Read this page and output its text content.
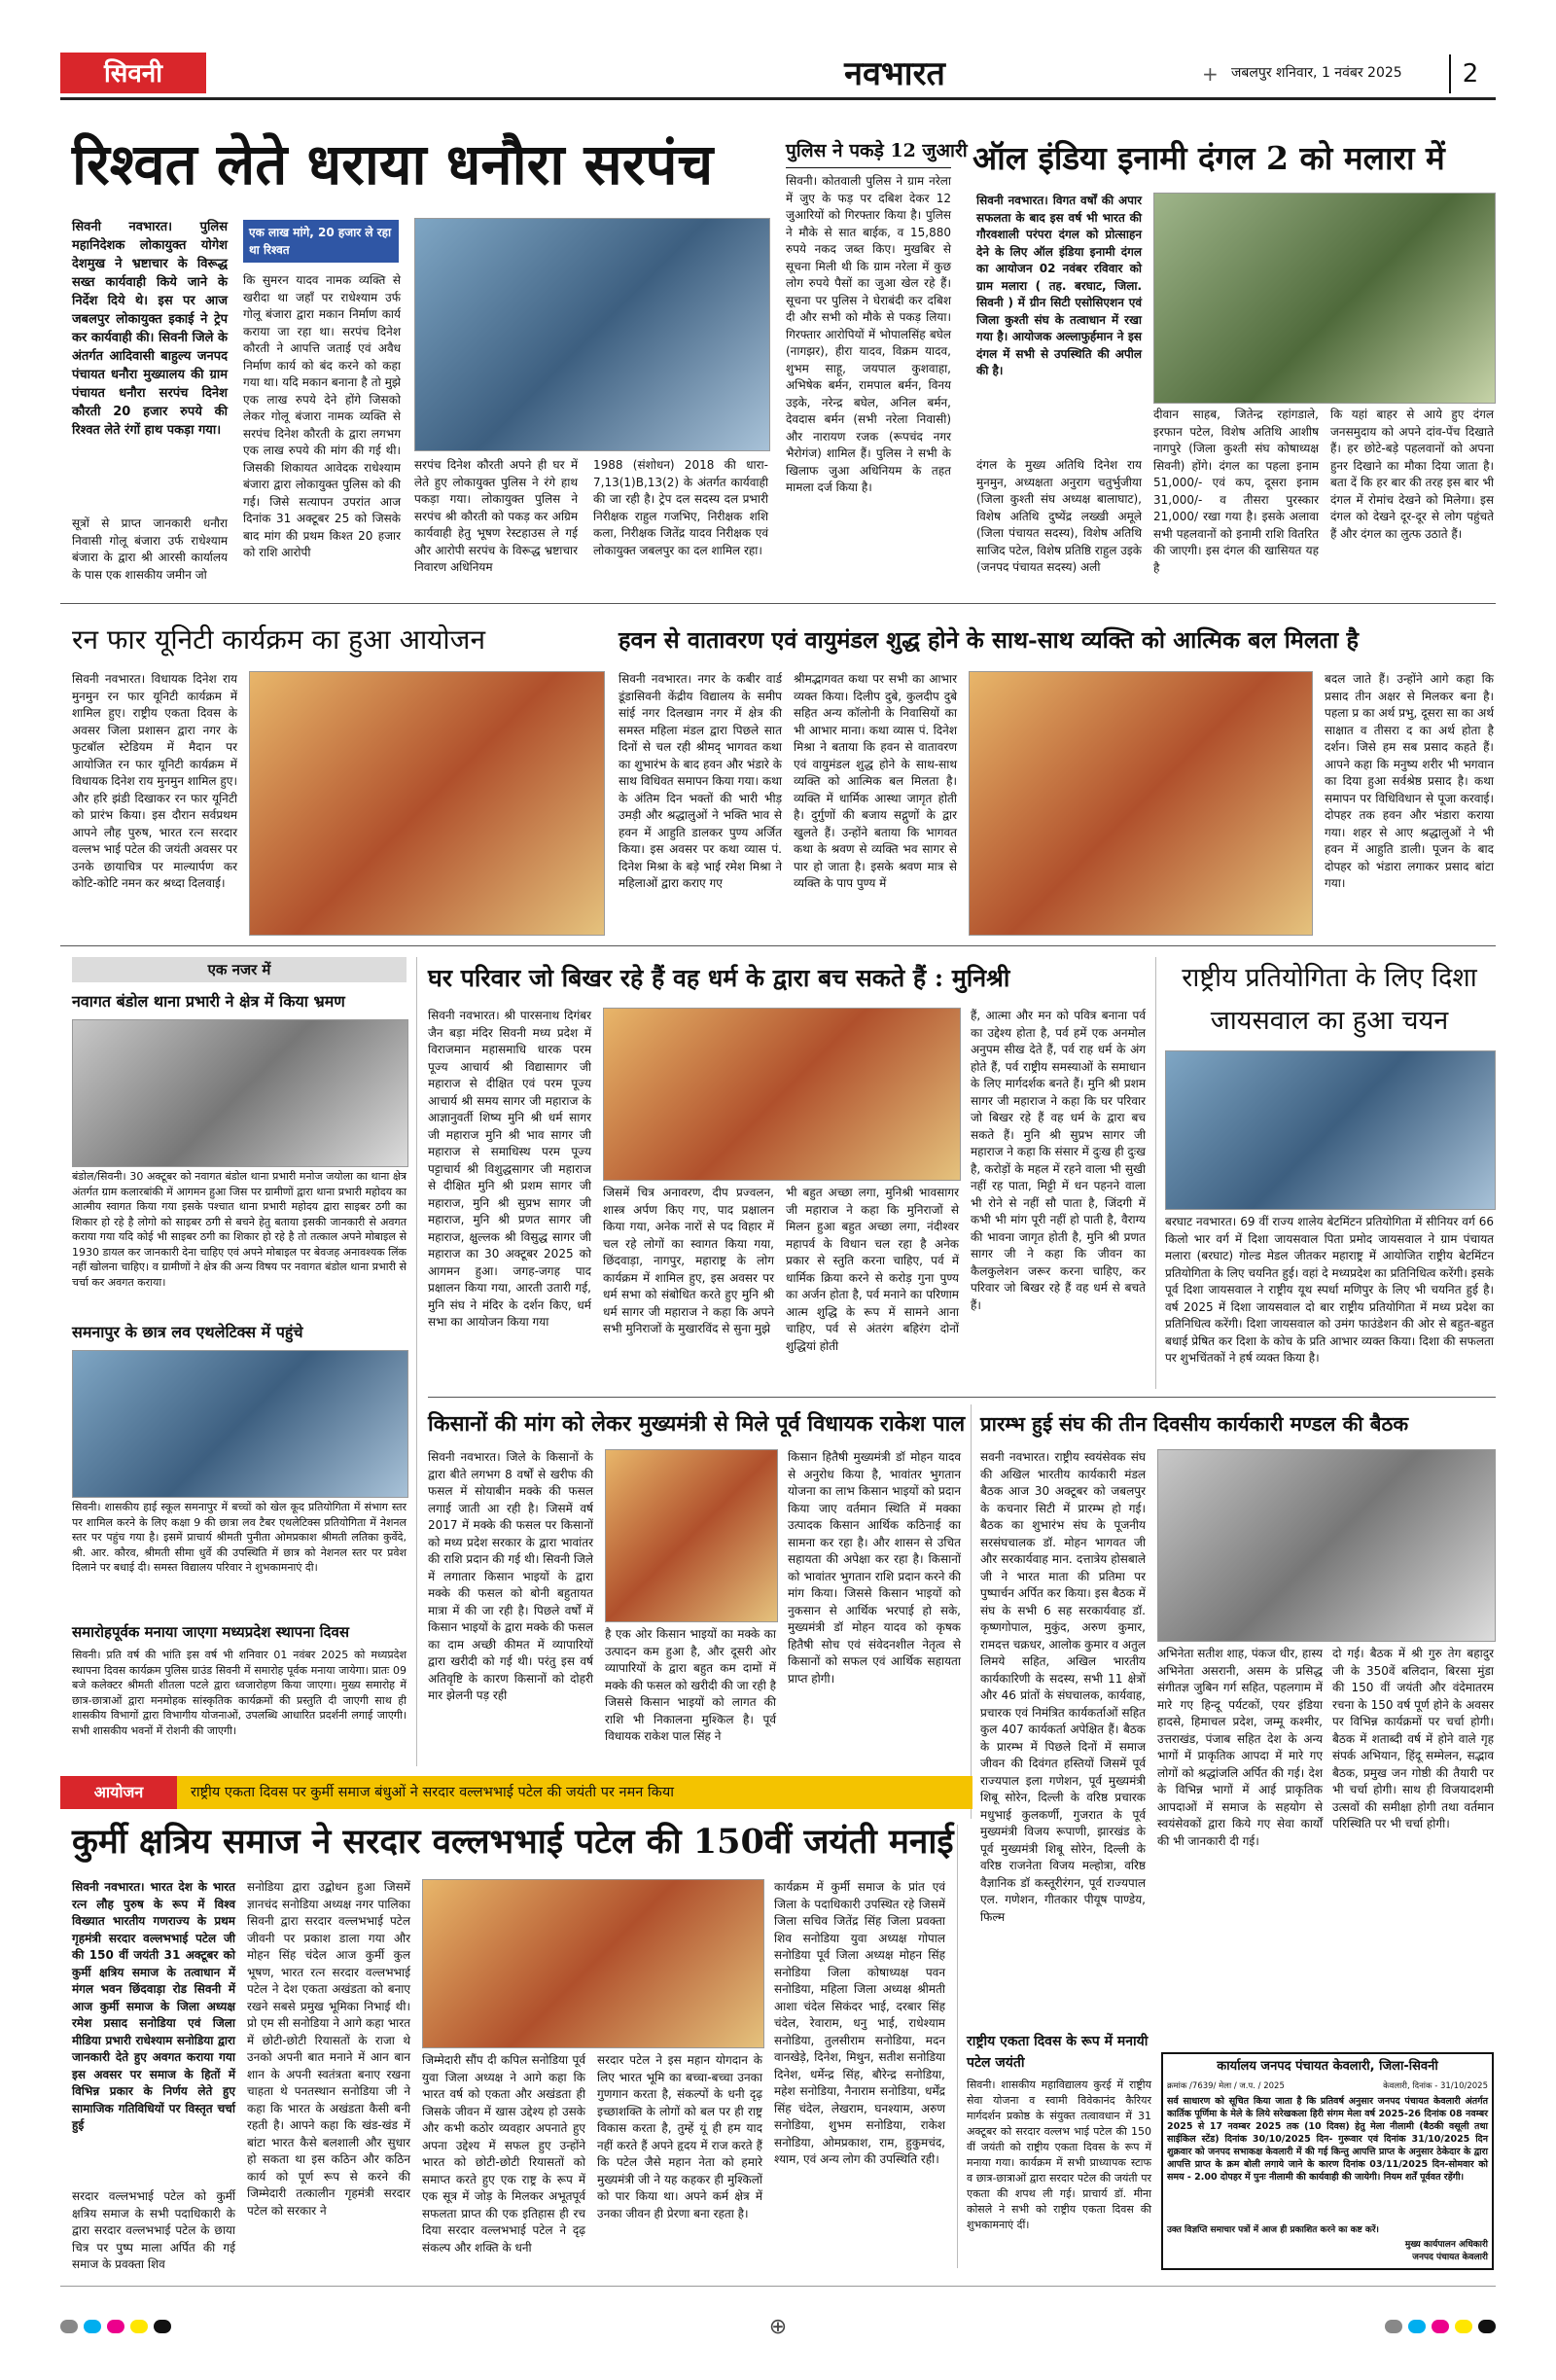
सिवनी	नवभारत	+ जबलपुर शनिवार, 1 नवंबर 2025	2
रिश्वत लेते धराया धनौरा सरपंच
सिवनी नवभारत। पुलिस महानिदेशक लोकायुक्त योगेश देशमुख ने भ्रष्टाचार के विरूद्ध सख्त कार्यवाही किये जाने के निर्देश दिये थे। इस पर आज जबलपुर लोकायुक्त इकाई ने ट्रेप कर कार्यवाही की। सिवनी जिले के अंतर्गत आदिवासी बाहुल्य जनपद पंचायत धनौरा मुख्यालय की ग्राम पंचायत धनौरा सरपंच दिनेश कौरती 20 हजार रुपये की रिश्वत लेते रंगों हाथ पकड़ा गया।
एक लाख मांगे, 20 हजार ले रहा था रिश्वत
सूत्रों से प्राप्त जानकारी धनौरा निवासी गोलू बंजारा उर्फ राधेश्याम बंजारा के द्वारा श्री आरसी कार्यालय के पास एक शासकीय जमीन जो
कि सुमरन यादव नामक व्यक्ति से खरीदा था जहाँ पर राधेश्याम उर्फ गोलू बंजारा द्वारा मकान निर्माण कार्य कराया जा रहा था। सरपंच दिनेश कौरती ने आपत्ति जताई एवं अवैध निर्माण कार्य को बंद करने को कहा गया था। यदि मकान बनाना है तो मुझे एक लाख रुपये देने होंगे जिसको लेकर गोलू बंजारा नामक व्यक्ति से सरपंच दिनेश कौरती के द्वारा लगभग एक लाख रुपये की मांग की गई थी। जिसकी शिकायत आवेदक राधेश्याम बंजारा द्वारा लोकायुक्त पुलिस को की गई। जिसे सत्यापन उपरांत आज दिनांक 31 अक्टूबर 25 को जिसके बाद मांग की प्रथम किश्त 20 हजार को राशि आरोपी
सरपंच दिनेश कौरती अपने ही घर में लेते हुए लोकायुक्त पुलिस ने रंगे हाथ पकड़ा गया। लोकायुक्त पुलिस ने सरपंच श्री कौरती को पकड़ कर अग्रिम कार्यवाही हेतु भूषण रेस्टहाउस ले गई और आरोपी सरपंच के विरूद्ध भ्रष्टाचार निवारण अधिनियम
1988 (संशोधन) 2018 की धारा- 7,13(1)B,13(2) के अंतर्गत कार्यवाही की जा रही है। ट्रेप दल सदस्य दल प्रभारी निरीक्षक राहुल गजभिए, निरीक्षक शशि कला, निरीक्षक जितेंद्र यादव निरीक्षक एवं लोकायुक्त जबलपुर का दल शामिल रहा।
पुलिस ने पकड़े 12 जुआरी
सिवनी। कोतवाली पुलिस ने ग्राम नरेला में जुए के फड़ पर दबिश देकर 12 जुआरियों को गिरफ्तार किया है। पुलिस ने मौके से सात बाईक, व 15,880 रुपये नकद जब्त किए। मुखबिर से सूचना मिली थी कि ग्राम नरेला में कुछ लोग रुपये पैसों का जुआ खेल रहे हैं। सूचना पर पुलिस ने घेराबंदी कर दबिश दी और सभी को मौके से पकड़ लिया। गिरफ्तार आरोपियों में भोपालसिंह बघेल (नागझर), हीरा यादव, विक्रम यादव, शुभम साहू, जयपाल कुशवाहा, अभिषेक बर्मन, रामपाल बर्मन, विनय उइके, नरेन्द्र बघेल, अनिल बर्मन, देवदास बर्मन (सभी नरेला निवासी) और नारायण रजक (रूपचंद नगर भैरोगंज) शामिल हैं। पुलिस ने सभी के खिलाफ जुआ अधिनियम के तहत मामला दर्ज किया है।
ऑल इंडिया इनामी दंगल 2 को मलारा में
सिवनी नवभारत। विगत वर्षों की अपार सफलता के बाद इस वर्ष भी भारत की गौरवशाली परंपरा दंगल को प्रोत्साहन देने के लिए ऑल इंडिया इनामी दंगल का आयोजन 02 नवंबर रविवार को ग्राम मलारा ( तह. बरघाट, जिला. सिवनी ) में ग्रीन सिटी एसोसिएशन एवं जिला कुश्ती संघ के तत्वाधान में रखा गया है। आयोजक अल्लाफुर्हमान ने इस दंगल में सभी से उपस्थिति की अपील की है।
दंगल के मुख्य अतिथि दिनेश राय मुनमुन, अध्यक्षता अनुराग चतुर्भुजीया (जिला कुश्ती संघ अध्यक्ष बालाघाट), विशेष अतिथि दुष्येंद्र लख्खी अमूले (जिला पंचायत सदस्य), विशेष अतिथि साजिद पटेल, विशेष प्रतिष्ठि राहुल उइके (जनपद पंचायत सदस्य) अली
दीवान साहब, जितेन्द्र रहांगडाले, इरफान पटेल, विशेष अतिथि आशीष नागपुरे (जिला कुश्ती संघ कोषाध्यक्ष सिवनी) होंगे। दंगल का पहला इनाम 51,000/- एवं कप, दूसरा इनाम 31,000/- व तीसरा पुरस्कार 21,000/ रखा गया है। इसके अलावा सभी पहलवानों को इनामी राशि वितरित की जाएगी। इस दंगल की खासियत यह है
कि यहां बाहर से आये हुए दंगल जनसमुदाय को अपने दांव-पेंच दिखाते हैं। हर छोटे-बड़े पहलवानों को अपना हुनर दिखाने का मौका दिया जाता है। बता दें कि हर बार की तरह इस बार भी दंगल में रोमांच देखने को मिलेगा। इस दंगल को देखने दूर-दूर से लोग पहुंचते हैं और दंगल का लुत्फ उठाते हैं।
रन फार यूनिटी कार्यक्रम का हुआ आयोजन
सिवनी नवभारत। विधायक दिनेश राय मुनमुन रन फार यूनिटी कार्यक्रम में शामिल हुए। राष्ट्रीय एकता दिवस के अवसर जिला प्रशासन द्वारा नगर के फुटबॉल स्टेडियम में मैदान पर आयोजित रन फार यूनिटी कार्यक्रम में विधायक दिनेश राय मुनमुन शामिल हुए। और हरि झंडी दिखाकर रन फार यूनिटी को प्रारंभ किया। इस दौरान सर्वप्रथम आपने लौह पुरुष, भारत रत्न सरदार वल्लभ भाई पटेल की जयंती अवसर पर उनके छायाचित्र पर माल्यार्पण कर कोटि-कोटि नमन कर श्रध्दा दिलवाई।
हवन से वातावरण एवं वायुमंडल शुद्ध होने के साथ-साथ व्यक्ति को आत्मिक बल मिलता है
सिवनी नवभारत। नगर के कबीर वार्ड डूंडासिवनी केंद्रीय विद्यालय के समीप सांई नगर दिलखाम नगर में क्षेत्र की समस्त महिला मंडल द्वारा पिछले सात दिनों से चल रही श्रीमद् भागवत कथा का शुभारंभ के बाद हवन और भंडारे के साथ विधिवत समापन किया गया। कथा के अंतिम दिन भक्तों की भारी भीड़ उमड़ी और श्रद्धालुओं ने भक्ति भाव से हवन में आहुति डालकर पुण्य अर्जित किया। इस अवसर पर कथा व्यास पं. दिनेश मिश्रा के बड़े भाई रमेश मिश्रा ने महिलाओं द्वारा कराए गए
श्रीमद्भागवत कथा पर सभी का आभार व्यक्त किया। दिलीप दुबे, कुलदीप दुबे सहित अन्य कॉलोनी के निवासियों का भी आभार माना। कथा व्यास पं. दिनेश मिश्रा ने बताया कि हवन से वातावरण एवं वायुमंडल शुद्ध होने के साथ-साथ व्यक्ति को आत्मिक बल मिलता है। व्यक्ति में धार्मिक आस्था जागृत होती है। दुर्गुणों की बजाय सद्गुणों के द्वार खुलते हैं। उन्होंने बताया कि भागवत कथा के श्रवण से व्यक्ति भव सागर से पार हो जाता है। इसके श्रवण मात्र से व्यक्ति के पाप पुण्य में
बदल जाते हैं। उन्होंने आगे कहा कि प्रसाद तीन अक्षर से मिलकर बना है। पहला प्र का अर्थ प्रभु, दूसरा सा का अर्थ साक्षात व तीसरा द का अर्थ होता है दर्शन। जिसे हम सब प्रसाद कहते हैं। आपने कहा कि मनुष्य शरीर भी भगवान का दिया हुआ सर्वश्रेष्ठ प्रसाद है। कथा समापन पर विधिविधान से पूजा करवाई। दोपहर तक हवन और भंडारा कराया गया। शहर से आए श्रद्धालुओं ने भी हवन में आहुति डाली। पूजन के बाद दोपहर को भंडारा लगाकर प्रसाद बांटा गया।
एक नजर में
नवागत बंडोल थाना प्रभारी ने क्षेत्र में किया भ्रमण
बंडोल/सिवनी। 30 अक्टूबर को नवागत बंडोल थाना प्रभारी मनोज जयोला का थाना क्षेत्र अंतर्गत ग्राम कलारबांकी में आगमन हुआ जिस पर ग्रामीणों द्वारा थाना प्रभारी महोदय का आत्मीय स्वागत किया गया इसके पश्चात थाना प्रभारी महोदय द्वारा साइबर ठगी का शिकार हो रहे है लोगो को साइबर ठगी से बचने हेतु बताया इसकी जानकारी से अवगत कराया गया यदि कोई भी साइबर ठगी का शिकार हो रहे है तो तत्काल अपने मोबाइल से 1930 डायल कर जानकारी देना चाहिए एवं अपने मोबाइल पर बेवजह अनावश्यक लिंक नहीं खोलना चाहिए। व ग्रामीणों ने क्षेत्र की अन्य विषय पर नवागत बंडोल थाना प्रभारी से चर्चा कर अवगत कराया।
समनापुर के छात्र लव एथलेटिक्स में पहुंचे
सिवनी। शासकीय हाई स्कूल समनापुर में बच्चों को खेल कूद प्रतियोगिता में संभाग स्तर पर शामिल करने के लिए कक्षा 9 की छात्रा लव टैबर एथलेटिक्स प्रतियोगिता में नेशनल स्तर पर पहुंच गया है। इसमें प्राचार्य श्रीमती पुनीता ओमप्रकाश श्रीमती लतिका कुर्वेदे, श्री. आर. कौरव, श्रीमती सीमा धुर्वे की उपस्थिति में छात्र को नेशनल स्तर पर प्रवेश दिलाने पर बधाई दी। समस्त विद्यालय परिवार ने शुभकामनाएं दी।
समारोहपूर्वक मनाया जाएगा मध्यप्रदेश स्थापना दिवस
सिवनी। प्रति वर्ष की भांति इस वर्ष भी शनिवार 01 नवंबर 2025 को मध्यप्रदेश स्थापना दिवस कार्यक्रम पुलिस ग्राउंड सिवनी में समारोह पूर्वक मनाया जायेगा। प्रातः 09 बजे कलेक्टर श्रीमती शीतला पटले द्वारा ध्वजारोहण किया जाएगा। मुख्य समारोह में छात्र-छात्राओं द्वारा मनमोहक सांस्कृतिक कार्यक्रमों की प्रस्तुति दी जाएगी साथ ही शासकीय विभागों द्वारा विभागीय योजनाओं, उपलब्धि आधारित प्रदर्शनी लगाई जाएगी। सभी शासकीय भवनों में रोशनी की जाएगी।
घर परिवार जो बिखर रहे हैं वह धर्म के द्वारा बच सकते हैं : मुनिश्री
सिवनी नवभारत। श्री पारसनाथ दिगंबर जैन बड़ा मंदिर सिवनी मध्य प्रदेश में विराजमान महासमाधि धारक परम पूज्य आचार्य श्री विद्यासागर जी महाराज से दीक्षित एवं परम पूज्य आचार्य श्री समय सागर जी महाराज के आज्ञानुवर्ती शिष्य मुनि श्री धर्म सागर जी महाराज मुनि श्री भाव सागर जी महाराज से समाधिस्थ परम पूज्य पट्टाचार्य श्री विशुद्धसागर जी महाराज से दीक्षित मुनि श्री प्रशम सागर जी महाराज, मुनि श्री सुप्रभ सागर जी महाराज, मुनि श्री प्रणत सागर जी महाराज, क्षुल्लक श्री विसुद्ध सागर जी महाराज का 30 अक्टूबर 2025 को आगमन हुआ। जगह-जगह पाद प्रक्षालन किया गया, आरती उतारी गई, मुनि संघ ने मंदिर के दर्शन किए, धर्म सभा का आयोजन किया गया
जिसमें चित्र अनावरण, दीप प्रज्वलन, शास्त्र अर्पण किए गए, पाद प्रक्षालन किया गया, अनेक नारों से पद विहार में चल रहे लोगों का स्वागत किया गया, छिंदवाड़ा, नागपुर, महाराष्ट्र के लोग कार्यक्रम में शामिल हुए, इस अवसर पर धर्म सभा को संबोधित करते हुए मुनि श्री धर्म सागर जी महाराज ने कहा कि अपने सभी मुनिराजों के मुखारविंद से सुना मुझे
भी बहुत अच्छा लगा, मुनिश्री भावसागर जी महाराज ने कहा कि मुनिराजों से मिलन हुआ बहुत अच्छा लगा, नंदीश्वर महापर्व के विधान चल रहा है अनेक प्रकार से स्तुति करना चाहिए, पर्व में धार्मिक क्रिया करने से करोड़ गुना पुण्य का अर्जन होता है, पर्व मनाने का परिणाम आत्म शुद्धि के रूप में सामने आना चाहिए, पर्व से अंतरंग बहिरंग दोनों शुद्धियां होती
हैं, आत्मा और मन को पवित्र बनाना पर्व का उद्देश्य होता है, पर्व हमें एक अनमोल अनुपम सीख देते हैं, पर्व राह धर्म के अंग होते हैं, पर्व राष्ट्रीय समस्याओं के समाधान के लिए मार्गदर्शक बनते हैं। मुनि श्री प्रशम सागर जी महाराज ने कहा कि घर परिवार जो बिखर रहे हैं वह धर्म के द्वारा बच सकते हैं। मुनि श्री सुप्रभ सागर जी महाराज ने कहा कि संसार में दुःख ही दुःख है, करोड़ों के महल में रहने वाला भी सुखी नहीं रह पाता, मिट्टी में धन पहनने वाला भी रोने से नहीं सौ पाता है, जिंदगी में कभी भी मांग पूरी नहीं हो पाती है, वैराग्य की भावना जागृत होती है, मुनि श्री प्रणत सागर जी ने कहा कि जीवन का कैलकुलेशन जरूर करना चाहिए, कर परिवार जो बिखर रहे हैं वह धर्म से बचते हैं।
राष्ट्रीय प्रतियोगिता के लिए दिशा जायसवाल का हुआ चयन
बरघाट नवभारत। 69 वीं राज्य शालेय बेटमिंटन प्रतियोगिता में सीनियर वर्ग 66 किलो भार वर्ग में दिशा जायसवाल पिता प्रमोद जायसवाल ने ग्राम पंचायत मलारा (बरघाट) गोल्ड मेडल जीतकर महाराष्ट्र में आयोजित राष्ट्रीय बेटमिंटन प्रतियोगिता के लिए चयनित हुई। वहां दे मध्यप्रदेश का प्रतिनिधित्व करेंगी। इसके पूर्व दिशा जायसवाल ने राष्ट्रीय यूथ स्पर्धा मणिपुर के लिए भी चयनित हुई है। वर्ष 2025 में दिशा जायसवाल दो बार राष्ट्रीय प्रतियोगिता में मध्य प्रदेश का प्रतिनिधित्व करेंगी। दिशा जायसवाल को उमंग फाउंडेशन की ओर से बहुत-बहुत बधाई प्रेषित कर दिशा के कोच के प्रति आभार व्यक्त किया। दिशा की सफलता पर शुभचिंतकों ने हर्ष व्यक्त किया है।
किसानों की मांग को लेकर मुख्यमंत्री से मिले पूर्व विधायक राकेश पाल
सिवनी नवभारत। जिले के किसानों के द्वारा बीते लगभग 8 वर्षों से खरीफ की फसल में सोयाबीन मक्के की फसल लगाई जाती आ रही है। जिसमें वर्ष 2017 में मक्के की फसल पर किसानों को मध्य प्रदेश सरकार के द्वारा भावांतर की राशि प्रदान की गई थी। सिवनी जिले में लगातार किसान भाइयों के द्वारा मक्के की फसल को बोनी बहुतायत मात्रा में की जा रही है। पिछले वर्षों में किसान भाइयों के द्वारा मक्के की फसल का दाम अच्छी कीमत में व्यापारियों द्वारा खरीदी को गई थी। परंतु इस वर्ष अतिवृष्टि के कारण किसानों को दोहरी मार झेलनी पड़ रही
है एक ओर किसान भाइयों का मक्के का उत्पादन कम हुआ है, और दूसरी ओर व्यापारियों के द्वारा बहुत कम दामों में मक्के की फसल को खरीदी की जा रही है जिससे किसान भाइयों को लागत की राशि भी निकालना मुश्किल है। पूर्व विधायक राकेश पाल सिंह ने
किसान हितैषी मुख्यमंत्री डॉ मोहन यादव से अनुरोध किया है, भावांतर भुगतान योजना का लाभ किसान भाइयों को प्रदान किया जाए वर्तमान स्थिति में मक्का उत्पादक किसान आर्थिक कठिनाई का सामना कर रहा है। और शासन से उचित सहायता की अपेक्षा कर रहा है। किसानों को भावांतर भुगतान राशि प्रदान करने की मांग किया। जिससे किसान भाइयों को नुकसान से आर्थिक भरपाई हो सके, मुख्यमंत्री डॉ मोहन यादव को कृषक हितैषी सोच एवं संवेदनशील नेतृत्व से किसानों को सफल एवं आर्थिक सहायता प्राप्त होगी।
प्रारम्भ हुई संघ की तीन दिवसीय कार्यकारी मण्डल की बैठक
सवनी नवभारत। राष्ट्रीय स्वयंसेवक संघ की अखिल भारतीय कार्यकारी मंडल बैठक आज 30 अक्टूबर को जबलपुर के कचनार सिटी में प्रारम्भ हो गई। बैठक का शुभारंभ संघ के पूजनीय सरसंघचालक डॉ. मोहन भागवत जी और सरकार्यवाह मान. दत्तात्रेय होसबाले जी ने भारत माता की प्रतिमा पर पुष्पार्चन अर्पित कर किया। इस बैठक में संघ के सभी 6 सह सरकार्यवाह डॉ. कृष्णगोपाल, मुकुंद, अरुण कुमार, रामदत्त चक्रधर, आलोक कुमार व अतुल लिमये सहित, अखिल भारतीय कार्यकारिणी के सदस्य, सभी 11 क्षेत्रों और 46 प्रांतों के संघचालक, कार्यवाह, प्रचारक एवं निमंत्रित कार्यकर्ताओं सहित कुल 407 कार्यकर्ता अपेक्षित हैं। बैठक के प्रारम्भ में पिछले दिनों में समाज जीवन की दिवंगत हस्तियों जिसमें पूर्व राज्यपाल इला गणेशन, पूर्व मुख्यमंत्री शिबू सोरेन, दिल्ली के वरिष्ठ प्रचारक मधुभाई कुलकर्णी, गुजरात के पूर्व मुख्यमंत्री विजय रूपाणी, झारखंड के पूर्व मुख्यमंत्री शिबू सोरेन, दिल्ली के वरिष्ठ राजनेता विजय मल्होत्रा, वरिष्ठ वैज्ञानिक डॉ कस्तूरीरंगन, पूर्व राज्यपाल एल. गणेशन, गीतकार पीयूष पाण्डेय, फिल्म
अभिनेता सतीश शाह, पंकज धीर, हास्य अभिनेता असरानी, असम के प्रसिद्ध संगीतज्ञ जुबिन गर्ग सहित, पहलगाम में मारे गए हिन्दू पर्यटकों, एयर इंडिया हादसे, हिमाचल प्रदेश, जम्मू कश्मीर, उत्तराखंड, पंजाब सहित देश के अन्य भागों में प्राकृतिक आपदा में मारे गए लोगों को श्रद्धांजलि अर्पित की गई। देश के विभिन्न भागों में आई प्राकृतिक आपदाओं में समाज के सहयोग से स्वयंसेवकों द्वारा किये गए सेवा कार्यों की भी जानकारी दी गई।
दो गई। बैठक में श्री गुरु तेग बहादुर जी के 350वें बलिदान, बिरसा मुंडा की 150 वीं जयंती और वंदेमातरम रचना के 150 वर्ष पूर्ण होने के अवसर पर विभिन्न कार्यक्रमों पर चर्चा होगी। बैठक में शताब्दी वर्ष में होने वाले गृह संपर्क अभियान, हिंदू सम्मेलन, सद्भाव बैठक, प्रमुख जन गोष्ठी की तैयारी पर भी चर्चा होगी। साथ ही विजयादशमी उत्सवों की समीक्षा होगी तथा वर्तमान परिस्थिति पर भी चर्चा होगी।
आयोजन	राष्ट्रीय एकता दिवस पर कुर्मी समाज बंधुओं ने सरदार वल्लभभाई पटेल की जयंती पर नमन किया
कुर्मी क्षत्रिय समाज ने सरदार वल्लभभाई पटेल की 150वीं जयंती मनाई
सिवनी नवभारत। भारत देश के भारत रत्न लौह पुरुष के रूप में विश्व विख्यात भारतीय गणराज्य के प्रथम गृहमंत्री सरदार वल्लभभाई पटेल जी की 150 वीं जयंती 31 अक्टूबर को कुर्मी क्षत्रिय समाज के तत्वाधान में मंगल भवन छिंदवाड़ा रोड सिवनी में आज कुर्मी समाज के जिला अध्यक्ष रमेश प्रसाद सनोडिया एवं जिला मीडिया प्रभारी राधेश्याम सनोडिया द्वारा जानकारी देते हुए अवगत कराया गया इस अवसर पर समाज के हितों में विभिन्न प्रकार के निर्णय लेते हुए सामाजिक गतिविधियों पर विस्तृत चर्चा हुई
सरदार वल्लभभाई पटेल को कुर्मी क्षत्रिय समाज के सभी पदाधिकारी के द्वारा सरदार वल्लभभाई पटेल के छाया चित्र पर पुष्प माला अर्पित की गई समाज के प्रवक्ता शिव
सनोडिया द्वारा उद्बोधन हुआ जिसमें ज्ञानचंद सनोडिया अध्यक्ष नगर पालिका सिवनी द्वारा सरदार वल्लभभाई पटेल जीवनी पर प्रकाश डाला गया और मोहन सिंह चंदेल आज कुर्मी कुल भूषण, भारत रत्न सरदार वल्लभभाई पटेल ने देश एकता अखंडता को बनाए रखने सबसे प्रमुख भूमिका निभाई थी। प्रो एम सी सनोडिया ने आगे कहा भारत में छोटी-छोटी रियासतों के राजा थे उनको अपनी बात मनाने में आन बान शान के अपनी स्वतंत्रता बनाए रखना चाहता थे पनतस्थान सनोडिया जी ने कहा कि भारत के अखंडता कैसी बनी रहती है। आपने कहा कि खंड-खंड में बांटा भारत कैसे बलशाली और सुधार हो सकता था इस कठिन और कठिन कार्य को पूर्ण रूप से करने की जिम्मेदारी तत्कालीन गृहमंत्री सरदार पटेल को सरकार ने
जिम्मेदारी सौंप दी कपिल सनोडिया पूर्व युवा जिला अध्यक्ष ने आगे कहा कि भारत वर्ष को एकता और अखंडता ही जिसके जीवन में खास उद्देश्य हो उसके और कभी कठोर व्यवहार अपनाते हुए अपना उद्देश्य में सफल हुए उन्होंने भारत को छोटी-छोटी रियासतों को समाप्त करते हुए एक राष्ट्र के रूप में एक सूत्र में जोड़ के मिलकर अभूतपूर्व सफलता प्राप्त की एक इतिहास ही रच दिया सरदार वल्लभभाई पटेल ने दृढ़ संकल्प और शक्ति के धनी
सरदार पटेल ने इस महान योगदान के लिए भारत भूमि का बच्चा-बच्चा उनका गुणगान करता है, संकल्पों के धनी दृढ़ इच्छाशक्ति के लोगों को बल पर ही राष्ट्र विकास करता है, तुम्हें यूं ही हम याद नहीं करते हैं अपने हृदय में राज करते हैं कि पटेल जैसे महान नेता को हमारे मुख्यमंत्री जी ने यह कहकर ही मुश्किलों को पार किया था। अपने कर्म क्षेत्र में उनका जीवन ही प्रेरणा बना रहता है।
कार्यक्रम में कुर्मी समाज के प्रांत एवं जिला के पदाधिकारी उपस्थित रहे जिसमें जिला सचिव जितेंद्र सिंह जिला प्रवक्ता शिव सनोडिया युवा अध्यक्ष गोपाल सनोडिया पूर्व जिला अध्यक्ष मोहन सिंह सनोडिया जिला कोषाध्यक्ष पवन सनोडिया, महिला जिला अध्यक्ष श्रीमती आशा चंदेल सिकंदर भाई, दरबार सिंह चंदेल, रेवाराम, धनु भाई, राधेश्याम सनोडिया, तुलसीराम सनोडिया, मदन वानखेड़े, दिनेश, मिथुन, सतीश सनोडिया दिनेश, धर्मेन्द्र सिंह, बौरेन्द्र सनोडिया, महेश सनोडिया, नैनाराम सनोडिया, धर्मेंद्र सिंह चंदेल, लेखराम, घनश्याम, अरुण सनोडिया, शुभम सनोडिया, राकेश सनोडिया, ओमप्रकाश, राम, हुकुमचंद, श्याम, एवं अन्य लोग की उपस्थिति रही।
राष्ट्रीय एकता दिवस के रूप में मनायी पटेल जयंती
सिवनी। शासकीय महाविद्यालय कुरई में राष्ट्रीय सेवा योजना व स्वामी विवेकानंद कैरियर मार्गदर्शन प्रकोष्ठ के संयुक्त तत्वावधान में 31 अक्टूबर को सरदार वल्लभ भाई पटेल की 150 वीं जयंती को राष्ट्रीय एकता दिवस के रूप में मनाया गया। कार्यक्रम में सभी प्राध्यापक स्टाफ व छात्र-छात्राओं द्वारा सरदार पटेल की जयंती पर एकता की शपथ ली गई। प्राचार्य डॉ. मीना कोसले ने सभी को राष्ट्रीय एकता दिवस की शुभकामनाएं दीं।
कार्यालय जनपद पंचायत केवलारी, जिला-सिवनी
क्रमांक /7639/ मेला / ज.प. / 2025	केवलारी, दिनांक - 31/10/2025
सर्व साधारण को सूचित किया जाता है कि प्रतिवर्ष अनुसार जनपद पंचायत केवलारी अंतर्गत कार्तिक पूर्णिमा के मेले के लिये सरेखकला हिरी संगम मेला वर्ष 2025-26 दिनांक 08 नवम्बर 2025 से 17 नवम्बर 2025 तक (10 दिवस) हेतु मेला नीलामी (बैठकी वसूली तथा साईकिल स्टेंड) दिनांक 30/10/2025 दिन- गुरूवार एवं दिनांक 31/10/2025 दिन शुक्रवार को जनपद सभाकक्ष केवलारी में की गई किन्तु आपत्ति प्राप्त के अनुसार ठेकेदार के द्वारा आपत्ति प्राप्त के क्रम बोली लगाये जाने के कारण दिनांक 03/11/2025 दिन-सोमवार को समय - 2.00 दोपहर में पुनः नीलामी की कार्यवाही की जायेगी। नियम शर्तें पूर्ववत रहेंगी।
उक्त विज्ञप्ति समाचार पत्रों में आज ही प्रकाशित करने का कष्ट करें।
मुख्य कार्यपालन अधिकारी
जनपद पंचायत केवलारी
⊕
